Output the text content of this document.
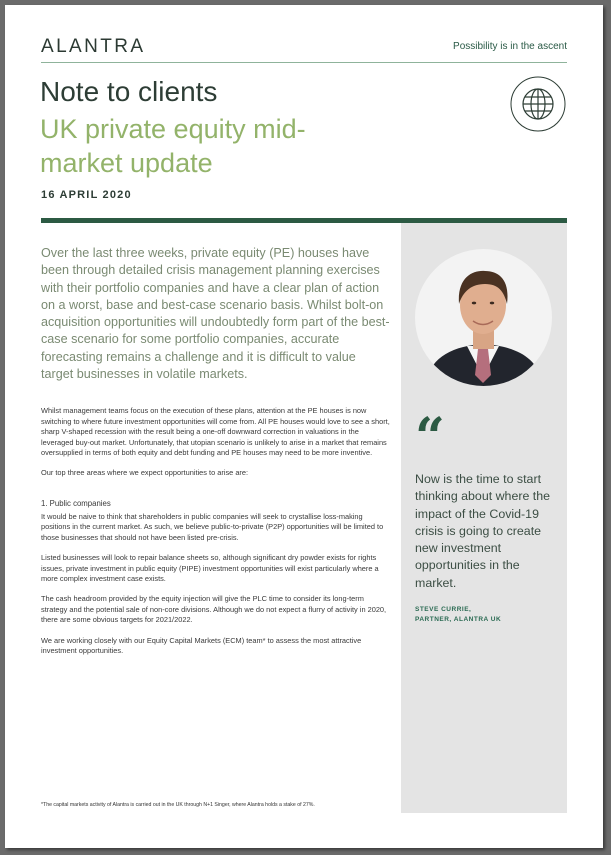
ALANTRA	Possibility is in the ascent
Note to clients
UK private equity mid-market update
16 APRIL 2020
Over the last three weeks, private equity (PE) houses have been through detailed crisis management planning exercises with their portfolio companies and have a clear plan of action on a worst, base and best-case scenario basis. Whilst bolt-on acquisition opportunities will undoubtedly form part of the best-case scenario for some portfolio companies, accurate forecasting remains a challenge and it is difficult to value target businesses in volatile markets.

Whilst management teams focus on the execution of these plans, attention at the PE houses is now switching to where future investment opportunities will come from. All PE houses would love to see a short, sharp V-shaped recession with the result being a one-off downward correction in valuations in the leveraged buy-out market. Unfortunately, that utopian scenario is unlikely to arise in a market that remains oversupplied in terms of both equity and debt funding and PE houses may need to be more inventive.

Our top three areas where we expect opportunities to arise are:

1. Public companies

It would be naive to think that shareholders in public companies will seek to crystallise loss-making positions in the current market. As such, we believe public-to-private (P2P) opportunities will be limited to those businesses that should not have been listed pre-crisis.

Listed businesses will look to repair balance sheets so, although significant dry powder exists for rights issues, private investment in public equity (PIPE) investment opportunities will exist particularly where a more complex investment case exists.

The cash headroom provided by the equity injection will give the PLC time to consider its long-term strategy and the potential sale of non-core divisions. Although we do not expect a flurry of activity in 2020, there are some obvious targets for 2021/2022.

We are working closely with our Equity Capital Markets (ECM) team* to assess the most attractive investment opportunities.

*The capital markets activity of Alantra is carried out in the UK through N+1 Singer, where Alantra holds a stake of 27%.
“
Now is the time to start thinking about where the impact of the Covid-19 crisis is going to create new investment opportunities in the market.
STEVE CURRIE,
PARTNER, ALANTRA UK
